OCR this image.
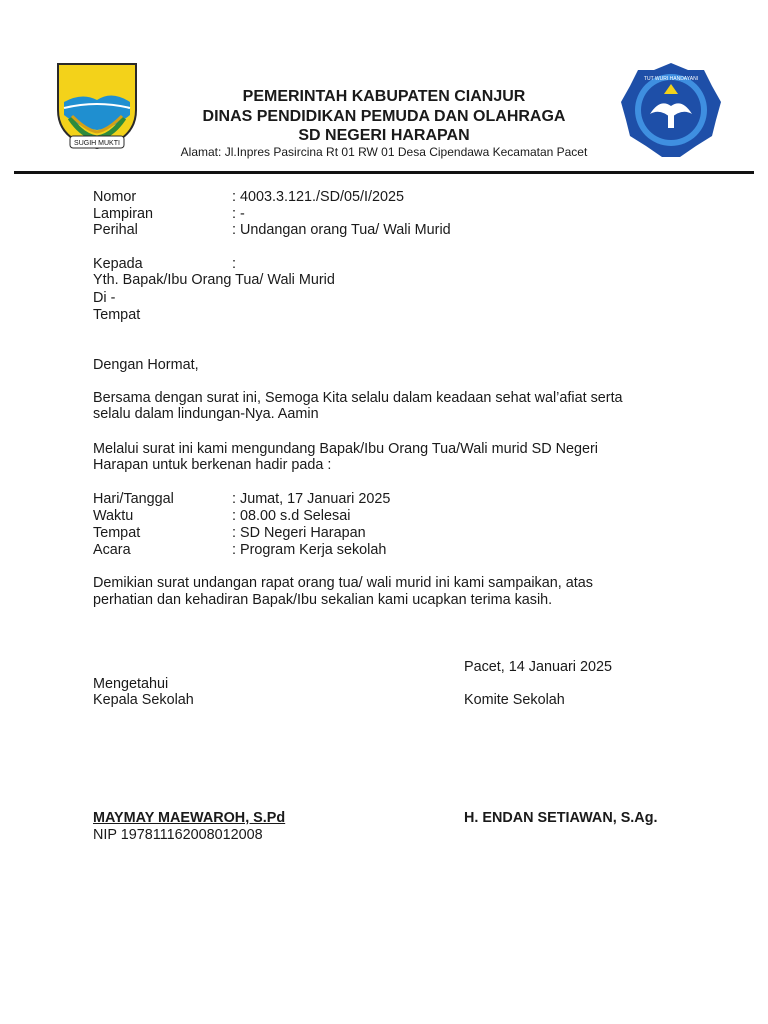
SUGIH MUKTI
TUT WURI HANDAYANI
PEMERINTAH KABUPATEN CIANJUR
DINAS PENDIDIKAN PEMUDA DAN OLAHRAGA
SD NEGERI HARAPAN
Alamat: Jl.Inpres Pasircina Rt 01 RW 01 Desa Cipendawa Kecamatan Pacet
Nomor	: 4003.3.121./SD/05/I/2025
Lampiran	: -
Perihal	: Undangan orang Tua/ Wali Murid
Kepada	:
Yth. Bapak/Ibu Orang Tua/ Wali Murid
Di -
Tempat
Dengan Hormat,
Bersama dengan surat ini, Semoga Kita selalu dalam keadaan sehat wal’afiat serta
selalu dalam lindungan-Nya. Aamin
Melalui surat ini kami mengundang Bapak/Ibu Orang Tua/Wali murid SD Negeri
Harapan untuk berkenan hadir pada :
Hari/Tanggal	: Jumat, 17 Januari 2025
Waktu	: 08.00 s.d Selesai
Tempat	: SD Negeri Harapan
Acara	: Program Kerja sekolah
Demikian surat undangan rapat orang tua/ wali murid ini kami sampaikan, atas
perhatian dan kehadiran Bapak/Ibu sekalian kami ucapkan terima kasih.
Pacet, 14 Januari 2025
Mengetahui
Kepala Sekolah	Komite Sekolah
MAYMAY MAEWAROH, S.Pd	H. ENDAN SETIAWAN, S.Ag.
NIP 197811162008012008
